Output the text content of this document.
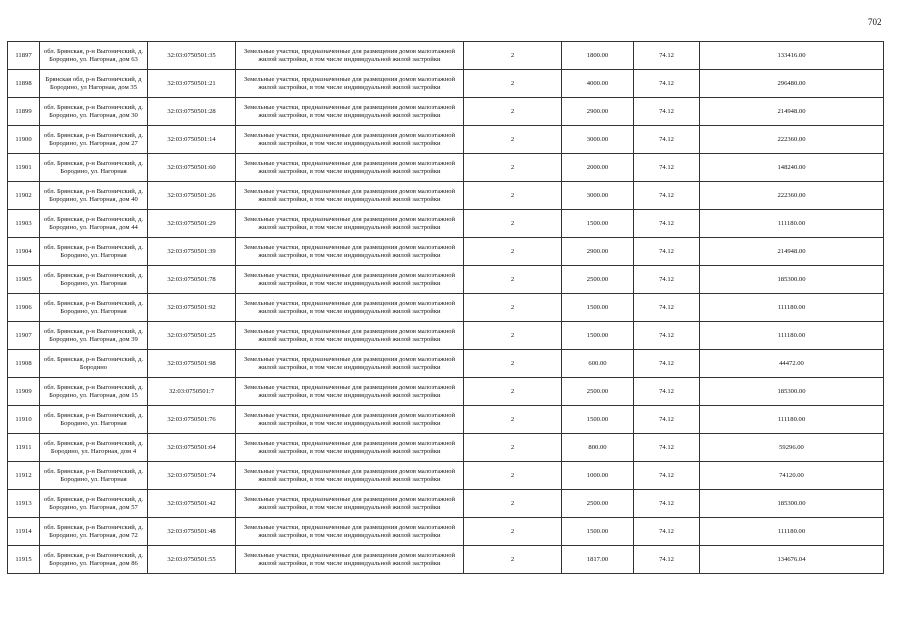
702
11897	обл. Брянская, р-н Выгоничский, д. Бородино, ул. Нагорная, дом 63	32:03:0750501:35	Земельные участки, предназначенные для размещения домов малоэтажной жилой застройки, в том числе индивидуальной жилой застройки	2	1800.00	74.12	133416.00
11898	Брянская обл, р-н Выгоничский, д Бородино, ул Нагорная, дом 35	32:03:0750501:21	Земельные участки, предназначенные для размещения домов малоэтажной жилой застройки, в том числе индивидуальной жилой застройки	2	4000.00	74.12	296480.00
11899	обл. Брянская, р-н Выгоничский, д. Бородино, ул. Нагорная, дом 30	32:03:0750501:28	Земельные участки, предназначенные для размещения домов малоэтажной жилой застройки, в том числе индивидуальной жилой застройки	2	2900.00	74.12	214948.00
11900	обл. Брянская, р-н Выгоничский, д. Бородино, ул. Нагорная, дом 27	32:03:0750501:14	Земельные участки, предназначенные для размещения домов малоэтажной жилой застройки, в том числе индивидуальной жилой застройки	2	3000.00	74.12	222360.00
11901	обл. Брянская, р-н Выгоничский, д. Бородино, ул. Нагорная	32:03:0750501:60	Земельные участки, предназначенные для размещения домов малоэтажной жилой застройки, в том числе индивидуальной жилой застройки	2	2000.00	74.12	148240.00
11902	обл. Брянская, р-н Выгоничский, д. Бородино, ул. Нагорная, дом 40	32:03:0750501:26	Земельные участки, предназначенные для размещения домов малоэтажной жилой застройки, в том числе индивидуальной жилой застройки	2	3000.00	74.12	222360.00
11903	обл. Брянская, р-н Выгоничский, д. Бородино, ул. Нагорная, дом 44	32:03:0750501:29	Земельные участки, предназначенные для размещения домов малоэтажной жилой застройки, в том числе индивидуальной жилой застройки	2	1500.00	74.12	111180.00
11904	обл. Брянская, р-н Выгоничский, д. Бородино, ул. Нагорная	32:03:0750501:39	Земельные участки, предназначенные для размещения домов малоэтажной жилой застройки, в том числе индивидуальной жилой застройки	2	2900.00	74.12	214948.00
11905	обл. Брянская, р-н Выгоничский, д. Бородино, ул. Нагорная	32:03:0750501:78	Земельные участки, предназначенные для размещения домов малоэтажной жилой застройки, в том числе индивидуальной жилой застройки	2	2500.00	74.12	185300.00
11906	обл. Брянская, р-н Выгоничский, д. Бородино, ул. Нагорная	32:03:0750501:92	Земельные участки, предназначенные для размещения домов малоэтажной жилой застройки, в том числе индивидуальной жилой застройки	2	1500.00	74.12	111180.00
11907	обл. Брянская, р-н Выгоничский, д. Бородино, ул. Нагорная, дом 39	32:03:0750501:25	Земельные участки, предназначенные для размещения домов малоэтажной жилой застройки, в том числе индивидуальной жилой застройки	2	1500.00	74.12	111180.00
11908	обл. Брянская, р-н Выгоничский, д. Бородино	32:03:0750501:98	Земельные участки, предназначенные для размещения домов малоэтажной жилой застройки, в том числе индивидуальной жилой застройки	2	600.00	74.12	44472.00
11909	обл. Брянская, р-н Выгоничский, д. Бородино, ул. Нагорная, дом 15	32:03:0750501:7	Земельные участки, предназначенные для размещения домов малоэтажной жилой застройки, в том числе индивидуальной жилой застройки	2	2500.00	74.12	185300.00
11910	обл. Брянская, р-н Выгоничский, д. Бородино, ул. Нагорная	32:03:0750501:76	Земельные участки, предназначенные для размещения домов малоэтажной жилой застройки, в том числе индивидуальной жилой застройки	2	1500.00	74.12	111180.00
11911	обл. Брянская, р-н Выгоничский, д. Бородино, ул. Нагорная, дом 4	32:03:0750501:64	Земельные участки, предназначенные для размещения домов малоэтажной жилой застройки, в том числе индивидуальной жилой застройки	2	800.00	74.12	59296.00
11912	обл. Брянская, р-н Выгоничский, д. Бородино, ул. Нагорная	32:03:0750501:74	Земельные участки, предназначенные для размещения домов малоэтажной жилой застройки, в том числе индивидуальной жилой застройки	2	1000.00	74.12	74120.00
11913	обл. Брянская, р-н Выгоничский, д. Бородино, ул. Нагорная, дом 57	32:03:0750501:42	Земельные участки, предназначенные для размещения домов малоэтажной жилой застройки, в том числе индивидуальной жилой застройки	2	2500.00	74.12	185300.00
11914	обл. Брянская, р-н Выгоничский, д. Бородино, ул. Нагорная, дом 72	32:03:0750501:48	Земельные участки, предназначенные для размещения домов малоэтажной жилой застройки, в том числе индивидуальной жилой застройки	2	1500.00	74.12	111180.00
11915	обл. Брянская, р-н Выгоничский, д. Бородино, ул. Нагорная, дом 86	32:03:0750501:55	Земельные участки, предназначенные для размещения домов малоэтажной жилой застройки, в том числе индивидуальной жилой застройки	2	1817.00	74.12	134676.04
